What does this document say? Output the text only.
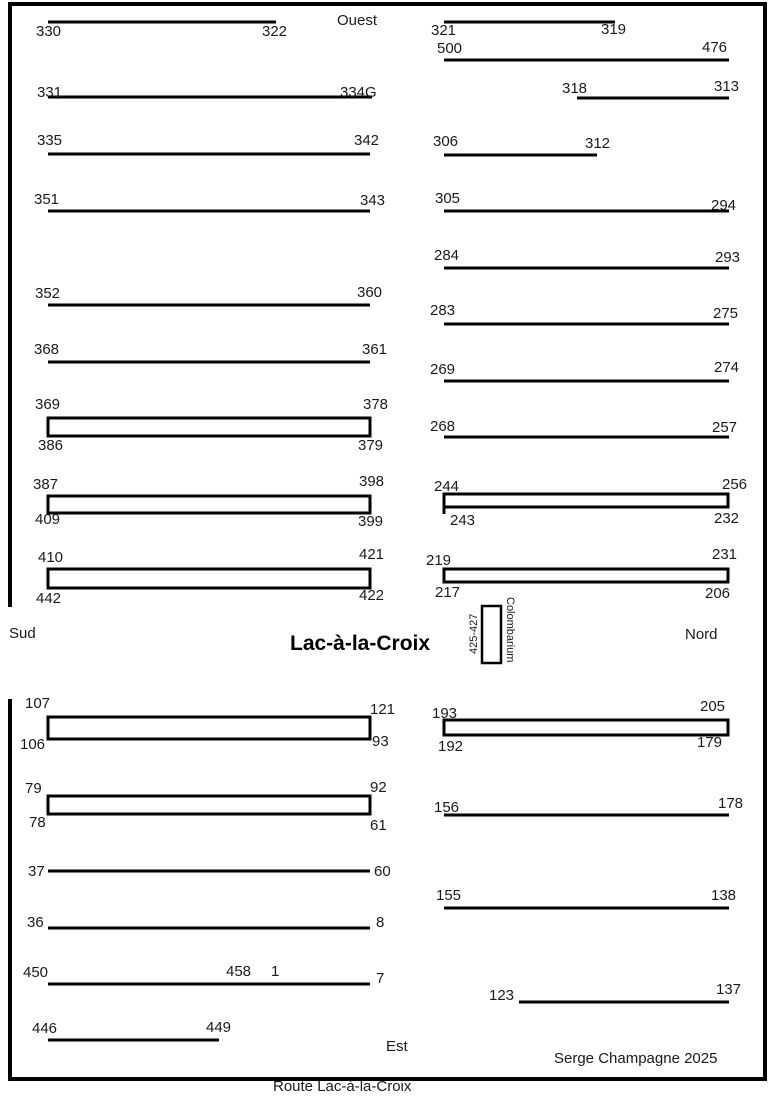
Ouest
Sud	Nord
Est
Lac-à-la-Croix
Route Lac-à-la-Croix
Serge Champagne 2025
Colombarium
425-427
330	322
331	334G
335	342
351	343
352	360
368	361
369	378
386	379
387	398
409	399
410	421
442	422
321	319
500	476
318	313
306	312
305	294
284	293
283	275
269	274
268	257
244	256
243	232
219	231
217	206
107	121
106	93
79	92
78	61
37	60
36	8
450	458 1	7
446	449
193	205
192	179
156	178
155	138
123	137
